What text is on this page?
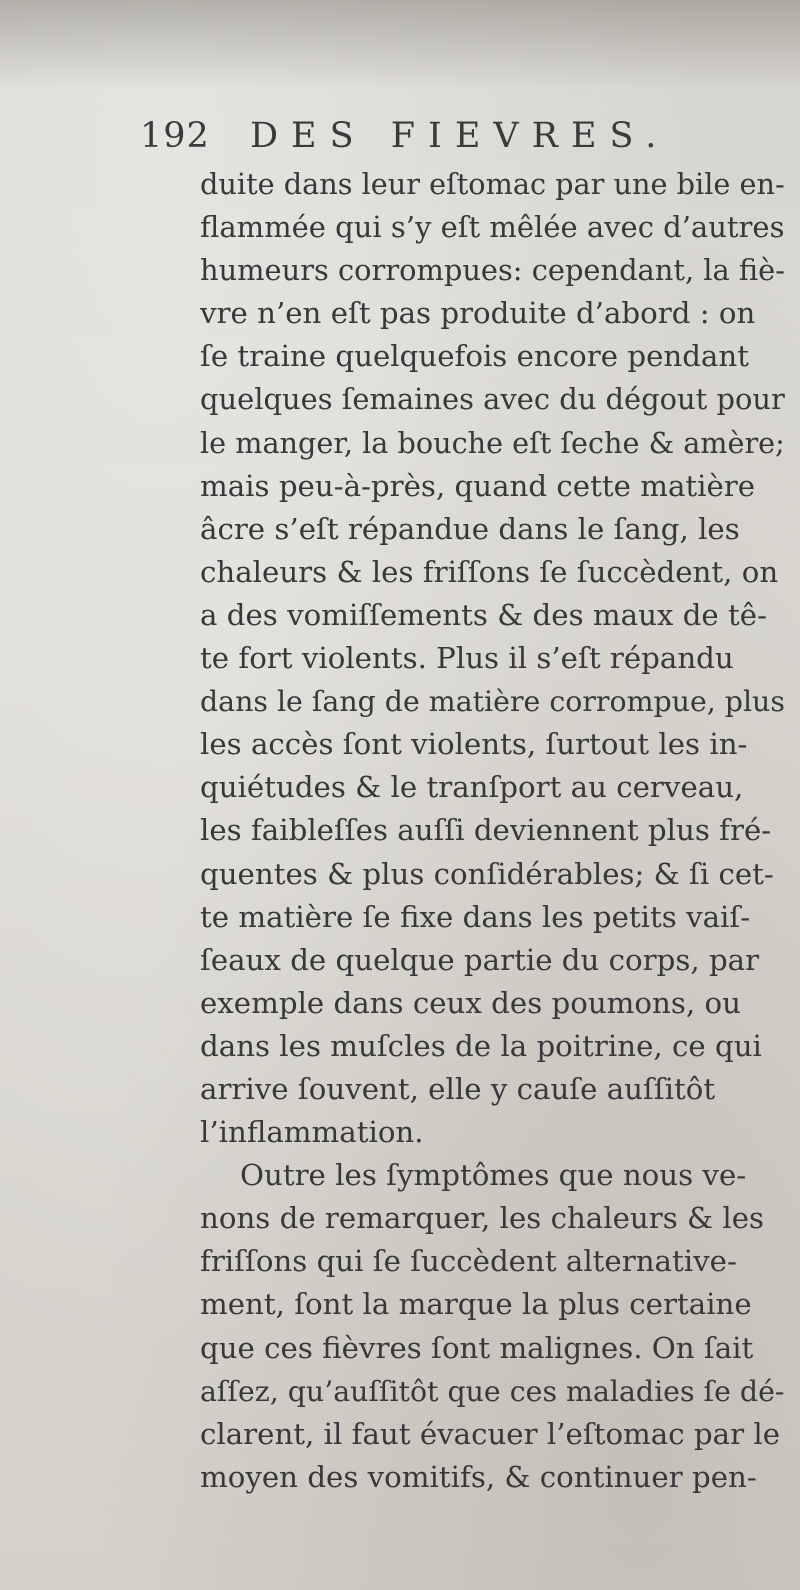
192 DES FIEVRES.
duite dans leur eſtomac par une bile en-
flammée qui s’y eſt mêlée avec d’autres
humeurs corrompues: cependant, la fiè-
vre n’en eſt pas produite d’abord : on
ſe traine quelquefois encore pendant
quelques ſemaines avec du dégout pour
le manger, la bouche eſt ſeche & amère;
mais peu-à-près, quand cette matière
âcre s’eſt répandue dans le ſang, les
chaleurs & les friſſons ſe ſuccèdent, on
a des vomiſſements & des maux de tê-
te fort violents. Plus il s’eſt répandu
dans le ſang de matière corrompue, plus
les accès ſont violents, ſurtout les in-
quiétudes & le tranſport au cerveau,
les faibleſſes auſſi deviennent plus fré-
quentes & plus conſidérables; & ſi cet-
te matière ſe fixe dans les petits vaiſ-
ſeaux de quelque partie du corps, par
exemple dans ceux des poumons, ou
dans les muſcles de la poitrine, ce qui
arrive ſouvent, elle y cauſe auſſitôt
l’inflammation.
Outre les ſymptômes que nous ve-
nons de remarquer, les chaleurs & les
friſſons qui ſe ſuccèdent alternative-
ment, ſont la marque la plus certaine
que ces fièvres ſont malignes. On ſait
aſſez, qu’auſſitôt que ces maladies ſe dé-
clarent, il faut évacuer l’eſtomac par le
moyen des vomitifs, & continuer pen-
